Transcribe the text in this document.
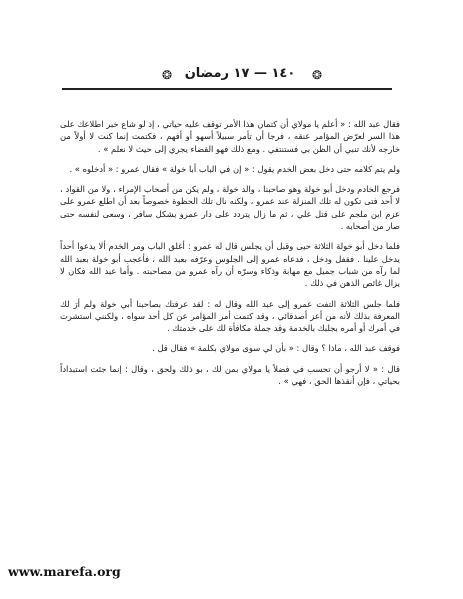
❂ ١٤٠ — ١٧ رمضان	❂

فقال عبد الله : « أعلم يا مولاي أن كتمان هذا الأمر توقف عليه حياتي ، إذ لو شاع خبر اطلاعك على هذا السر لعرّض المؤامر عنقه ، فرجا أن تأمر سبيلاً أسهو أو أفهم ، فكتمت إنما كنت لا أولاً من خارجه لأنك تنبي أن الظن بي فستنتفي . ومع ذلك فهو القضاء يجري إلى حيث لا نعلم » .

ولم يتم كلامه حتى دخل بعض الخدم يقول : « إن في الباب أبا خولة » فقال عمرو : « أدخلوه » .

فرجع الخادم ودخل أبو خولة وهو صاحبنا ، والد خولة ، ولم يكن من أصحاب الإمراء ، ولا من القواد ، لا أحد فتى تكون له تلك المنزلة عند عمرو ، ولكنه نال تلك الحظوة خصوصاً بعد أن اطلع عمرو على عزم ابن ملجم على قتل علي ، ثم ما زال يتردد على دار عمرو بشكل سافر ، وسعى لنفسه حتى صار من أصحابه .

فلما دخل أبو خولة الثلاثة حيى وقبل أن يجلس قال له عمرو : أغلق الباب ومر الخدم ألا يدعوا أحداً يدخل علينا . فقفل ودخل ، فدعاه عمرو إلى الجلوس وعرّفه بعبد الله ، فأعجب أبو خولة بعبد الله لما رآه من شباب جميل مع مهابة وذكاء وسرّه أن رآه عمرو من مصاحبته . وأما عبد الله فكان لا يزال غائص الذهن في ذلك .

فلما جلس الثلاثة التفت عمرو إلى عبد الله وقال له : لقد عرفتك بصاحبنا أبي خولة ولم أرَ لك المعرفة بذلك لأنه من أعز أصدقائي ، وقد كتمت أمر المؤامر عن كل أحد سواه ، ولكنني استشرت في أمرك أو أمره بجلبك بالخدمة وقد جملة مكافأة لك على خدمتك .

فوقف عبد الله ، ماذا ؟ وقال : « بأن لي سوى مولاي بكلمة » فقال قل .

قال : « لا أرجو أن تحسب في فضلاً يا مولاي بمن لك ، بو ذلك ولحق ، وقال : إنما جئت استبداداً بحياتي ، فإن أنقذها الحق ، فهي » .

www.marefa.org
